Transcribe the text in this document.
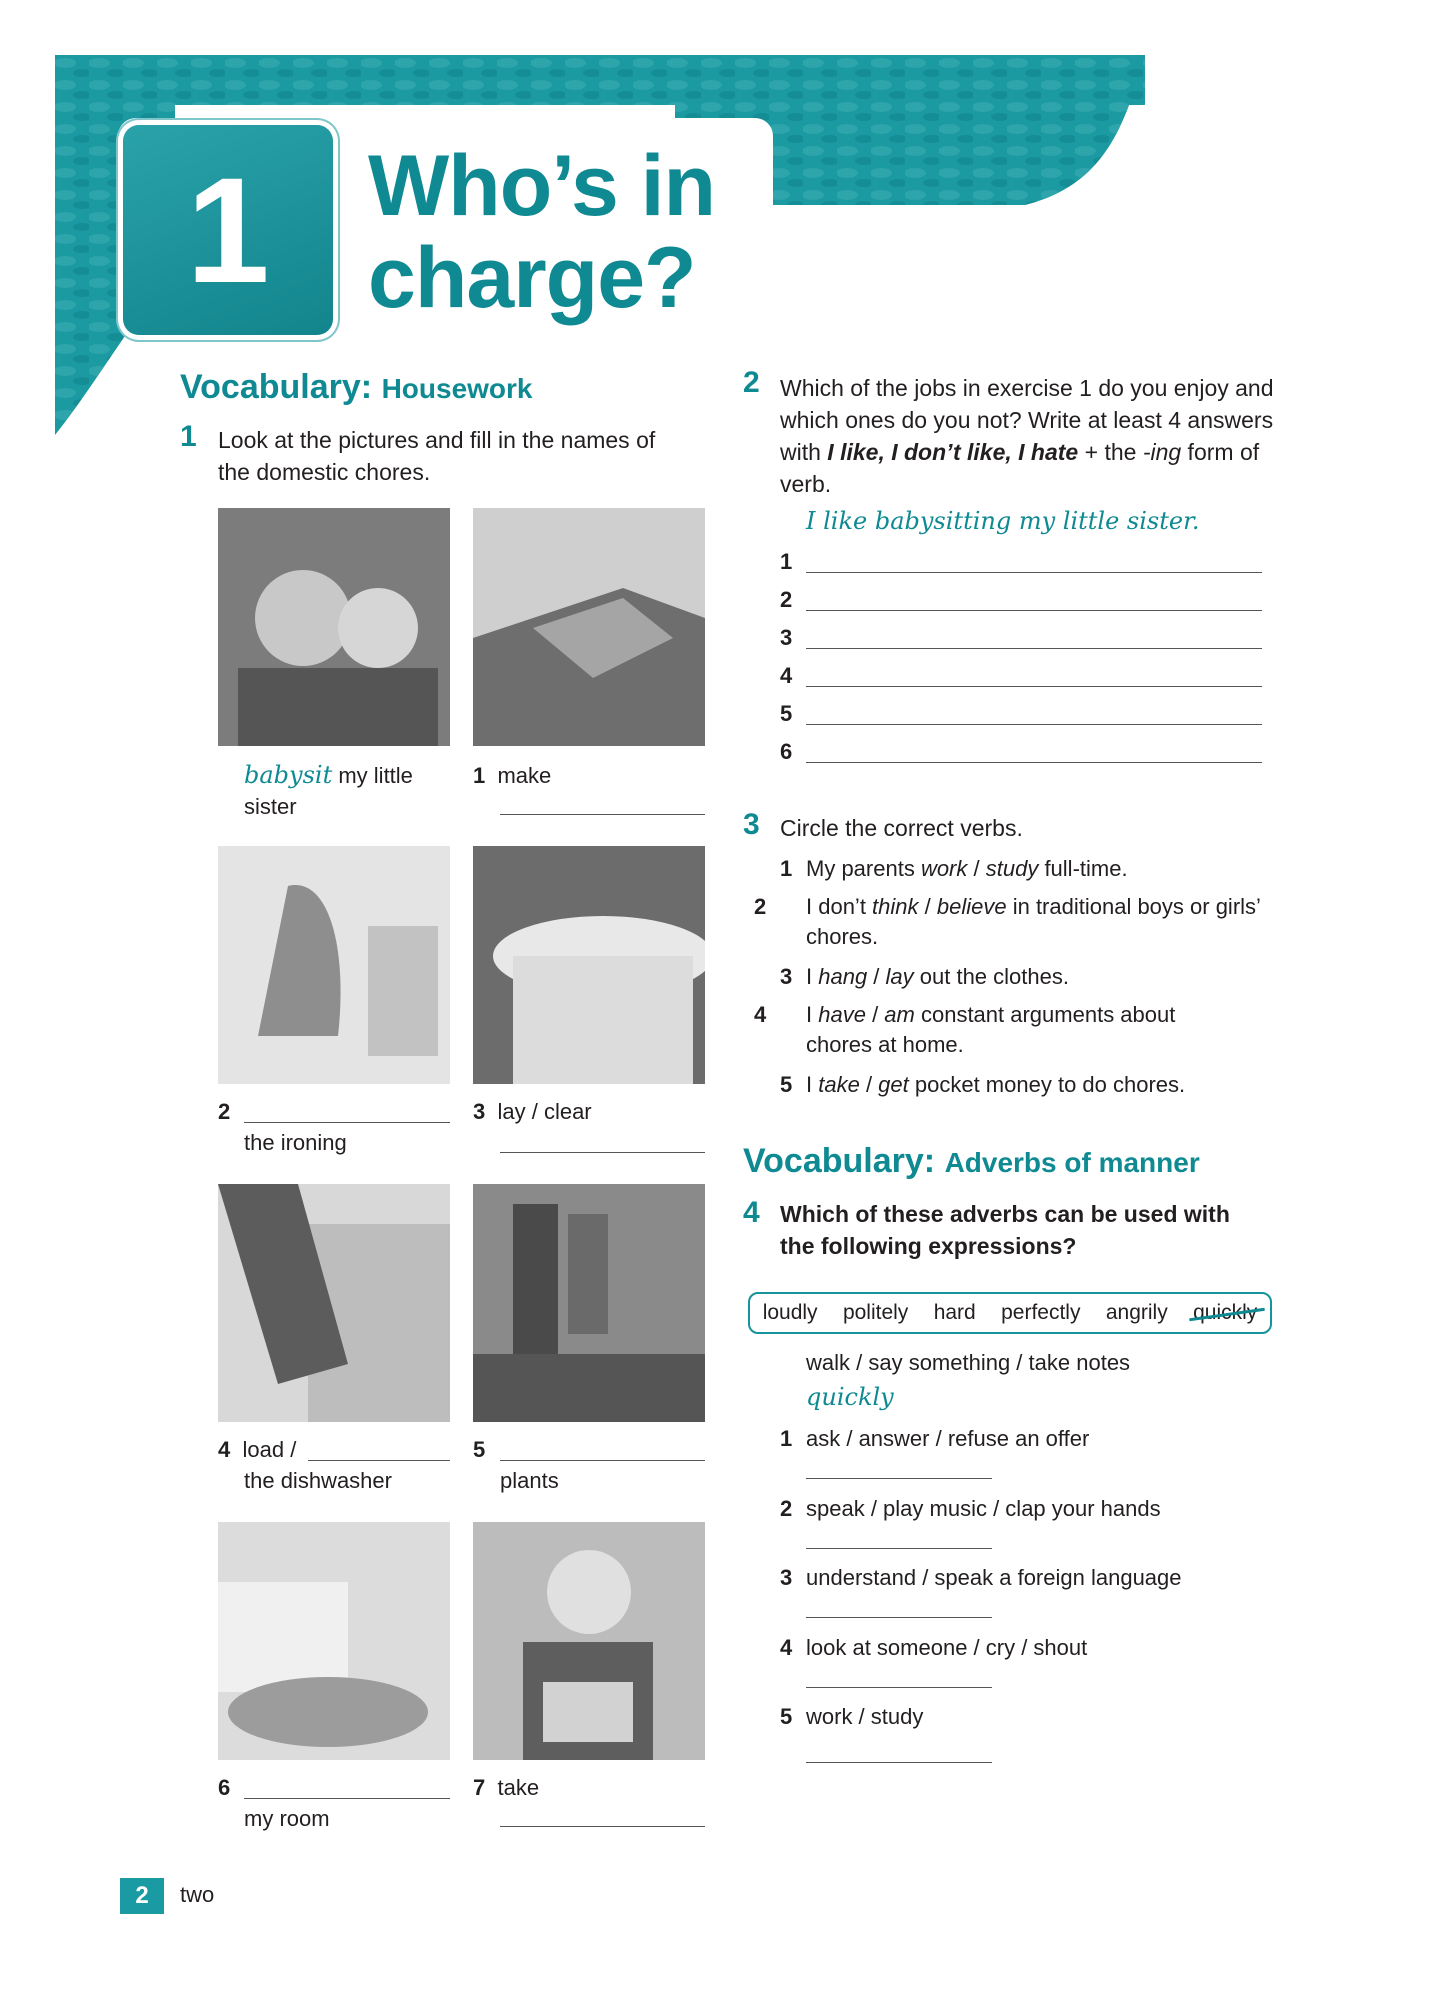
1	Who’s in charge?
Vocabulary: Housework
1 Look at the pictures and fill in the names of the domestic chores.
babysit my little sister
1 make
2
the ironing
3 lay / clear
4 load /
the dishwasher
5
plants
6
my room
7 take
2 Which of the jobs in exercise 1 do you enjoy and which ones do you not? Write at least 4 answers with I like, I don’t like, I hate + the -ing form of verb.
I like babysitting my little sister.
1
2
3
4
5
6
3 Circle the correct verbs.
1 My parents work / study full-time.
2 I don’t think / believe in traditional boys or girls’ chores.
3 I hang / lay out the clothes.
4 I have / am constant arguments about chores at home.
5 I take / get pocket money to do chores.
Vocabulary: Adverbs of manner
4 Which of these adverbs can be used with the following expressions?
loudly politely hard perfectly angrily quickly
walk / say something / take notes
quickly
1 ask / answer / refuse an offer
2 speak / play music / clap your hands
3 understand / speak a foreign language
4 look at someone / cry / shout
5 work / study
2	two
